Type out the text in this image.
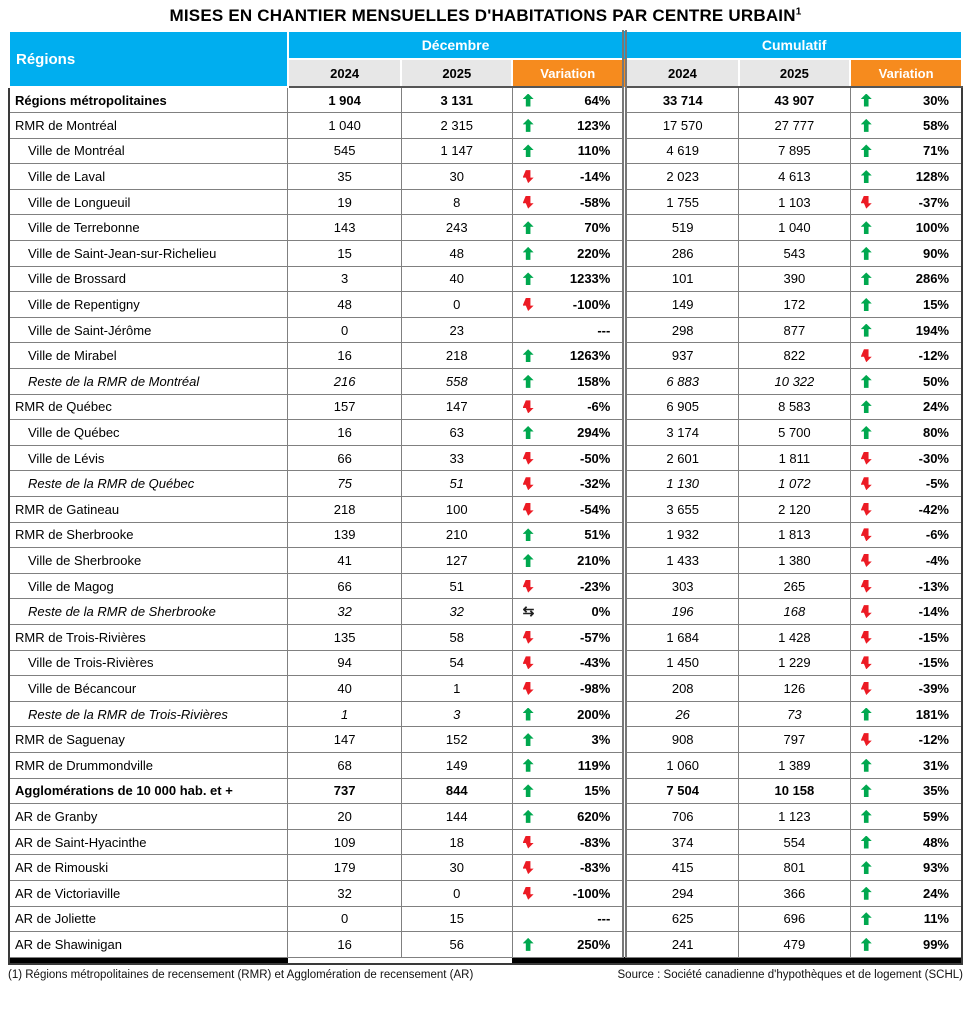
MISES EN CHANTIER MENSUELLES D'HABITATIONS PAR CENTRE URBAIN$^1$
Régions	Décembre			Cumulatif		
	2024	2025	Variation	2024	2025	Variation
Régions métropolitaines	1 904	3 131	64%	33 714	43 907	30%

RMR de Montréal	1 040	2 315	123%	17 570	27 777	58%

Ville de Montréal	545	1 147	110%	4 619	7 895	71%

Ville de Laval	35	30	-14%	2 023	4 613	128%

Ville de Longueuil	19	8	-58%	1 755	1 103	-37%

Ville de Terrebonne	143	243	70%	519	1 040	100%

Ville de Saint-Jean-sur-Richelieu	15	48	220%	286	543	90%

Ville de Brossard	3	40	1233%	101	390	286%

Ville de Repentigny	48	0	-100%	149	172	15%

Ville de Saint-Jérôme	0	23	---	298	877	194%

Ville de Mirabel	16	218	1263%	937	822	-12%

Reste de la RMR de Montréal	216	558	158%	6 883	10 322	50%

RMR de Québec	157	147	-6%	6 905	8 583	24%

Ville de Québec	16	63	294%	3 174	5 700	80%

Ville de Lévis	66	33	-50%	2 601	1 811	-30%

Reste de la RMR de Québec	75	51	-32%	1 130	1 072	-5%

RMR de Gatineau	218	100	-54%	3 655	2 120	-42%

RMR de Sherbrooke	139	210	51%	1 932	1 813	-6%

Ville de Sherbrooke	41	127	210%	1 433	1 380	-4%

Ville de Magog	66	51	-23%	303	265	-13%

Reste de la RMR de Sherbrooke	32	32	⇆ 0%	196	168	-14%

RMR de Trois-Rivières	135	58	-57%	1 684	1 428	-15%

Ville de Trois-Rivières	94	54	-43%	1 450	1 229	-15%

Ville de Bécancour	40	1	-98%	208	126	-39%

Reste de la RMR de Trois-Rivières	1	3	200%	26	73	181%

RMR de Saguenay	147	152	3%	908	797	-12%

RMR de Drummondville	68	149	119%	1 060	1 389	31%

Agglomérations de 10 000 hab. et +	737	844	15%	7 504	10 158	35%

AR de Granby	20	144	620%	706	1 123	59%

AR de Saint-Hyacinthe	109	18	-83%	374	554	48%

AR de Rimouski	179	30	-83%	415	801	93%

AR de Victoriaville	32	0	-100%	294	366	24%

AR de Joliette	0	15	---	625	696	11%

AR de Shawinigan	16	56	250%	241	479	99%

(1) Régions métropolitaines de recensement (RMR) et Agglomération de recensement (AR)	Source : Société canadienne d'hypothèques et de logement (SCHL)
